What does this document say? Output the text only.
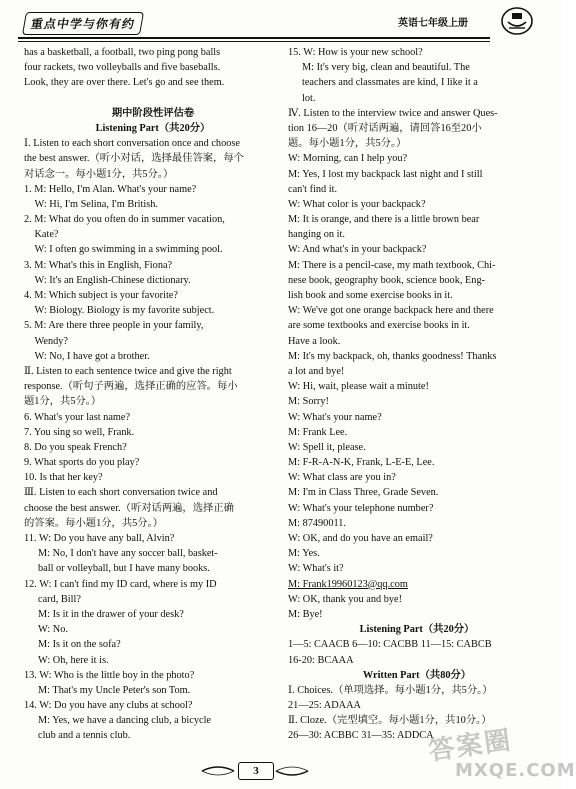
重点中学与你有约	英语七年级上册
has a basketball, a football, two ping pong balls
four rackets, two volleyballs and five baseballs.
Look, they are over there. Let's go and see them.
期中阶段性评估卷
Listening Part（共20分）
Ⅰ. Listen to each short conversation once and choose
the best answer.（听小对话，选择最佳答案，每个
对话念一。每小题1分，共5分。）
1. M: Hello, I'm Alan. What's your name?
W: Hi, I'm Selina, I'm British.
2. M: What do you often do in summer vacation,
Kate?
W: I often go swimming in a swimming pool.
3. M: What's this in English, Fiona?
W: It's an English-Chinese dictionary.
4. M: Which subject is your favorite?
W: Biology. Biology is my favorite subject.
5. M: Are there three people in your family,
Wendy?
W: No, I have got a brother.
Ⅱ. Listen to each sentence twice and give the right
response.（听句子两遍，选择正确的应答。每小
题1分，共5分。）
6. What's your last name?
7. You sing so well, Frank.
8. Do you speak French?
9. What sports do you play?
10. Is that her key?
Ⅲ. Listen to each short conversation twice and
choose the best answer.（听对话两遍，选择正确
的答案。每小题1分，共5分。）
11. W: Do you have any ball, Alvin?
M: No, I don't have any soccer ball, basket-
ball or volleyball, but I have many books.
12. W: I can't find my ID card, where is my ID
card, Bill?
M: Is it in the drawer of your desk?
W: No.
M: Is it on the sofa?
W: Oh, here it is.
13. W: Who is the little boy in the photo?
M: That's my Uncle Peter's son Tom.
14. W: Do you have any clubs at school?
M: Yes, we have a dancing club, a bicycle
club and a tennis club.
15. W: How is your new school?
M: It's very big, clean and beautiful. The
teachers and classmates are kind, I like it a
lot.
Ⅳ. Listen to the interview twice and answer Ques-
tion 16—20（听对话两遍，请回答16至20小
题。每小题1分，共5分。）
W: Morning, can I help you?
M: Yes, I lost my backpack last night and I still
can't find it.
W: What color is your backpack?
M: It is orange, and there is a little brown bear
hanging on it.
W: And what's in your backpack?
M: There is a pencil-case, my math textbook, Chi-
nese book, geography book, science book, Eng-
lish book and some exercise books in it.
W: We've got one orange backpack here and there
are some textbooks and exercise books in it.
Have a look.
M: It's my backpack, oh, thanks goodness! Thanks
a lot and bye!
W: Hi, wait, please wait a minute!
M: Sorry!
W: What's your name?
M: Frank Lee.
W: Spell it, please.
M: F-R-A-N-K, Frank, L-E-E, Lee.
W: What class are you in?
M: I'm in Class Three, Grade Seven.
W: What's your telephone number?
M: 87490011.
W: OK, and do you have an email?
M: Yes.
W: What's it?
M: Frank19960123@qq.com
W: OK, thank you and bye!
M: Bye!
Listening Part（共20分）
1—5: CAACB 6—10: CACBB 11—15: CABCB
16-20: BCAAA
Written Part（共80分）
Ⅰ. Choices.（单项选择。每小题1分，共5分。）
21—25: ADAAA
Ⅱ. Cloze.（完型填空。每小题1分，共10分。）
26—30: ACBBC 31—35: ADDCA
3
答案圈
MXQE.COM
